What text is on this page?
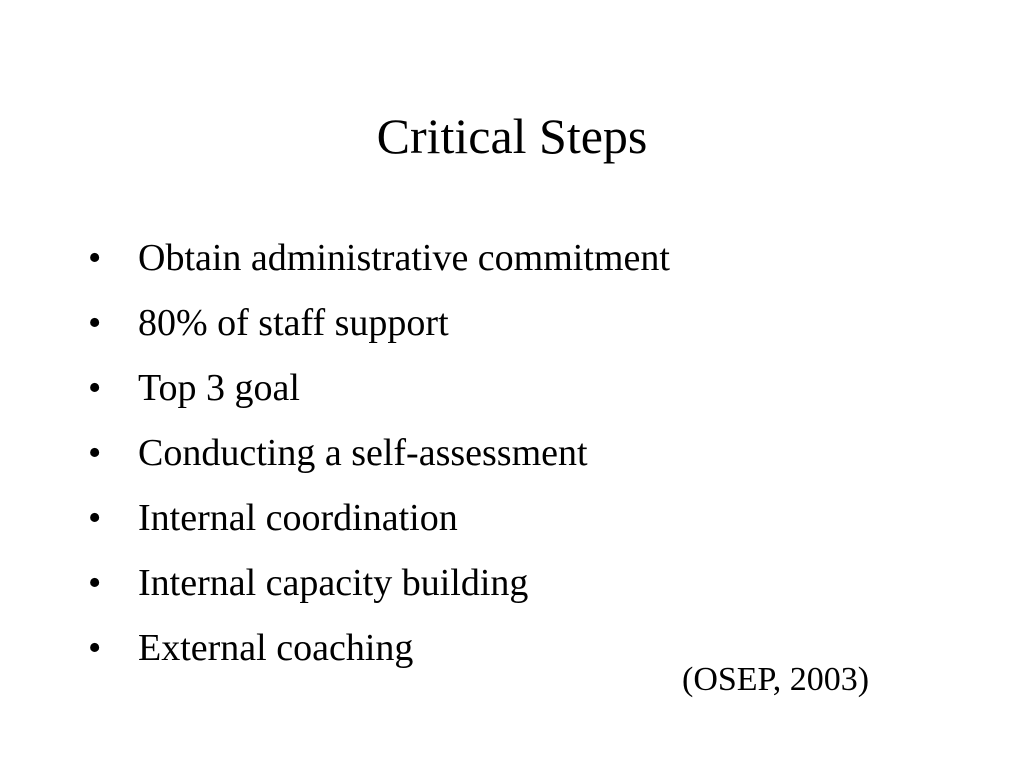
Critical Steps
• Obtain administrative commitment
• 80% of staff support
• Top 3 goal
• Conducting a self-assessment
• Internal coordination
• Internal capacity building
• External coaching
(OSEP, 2003)
